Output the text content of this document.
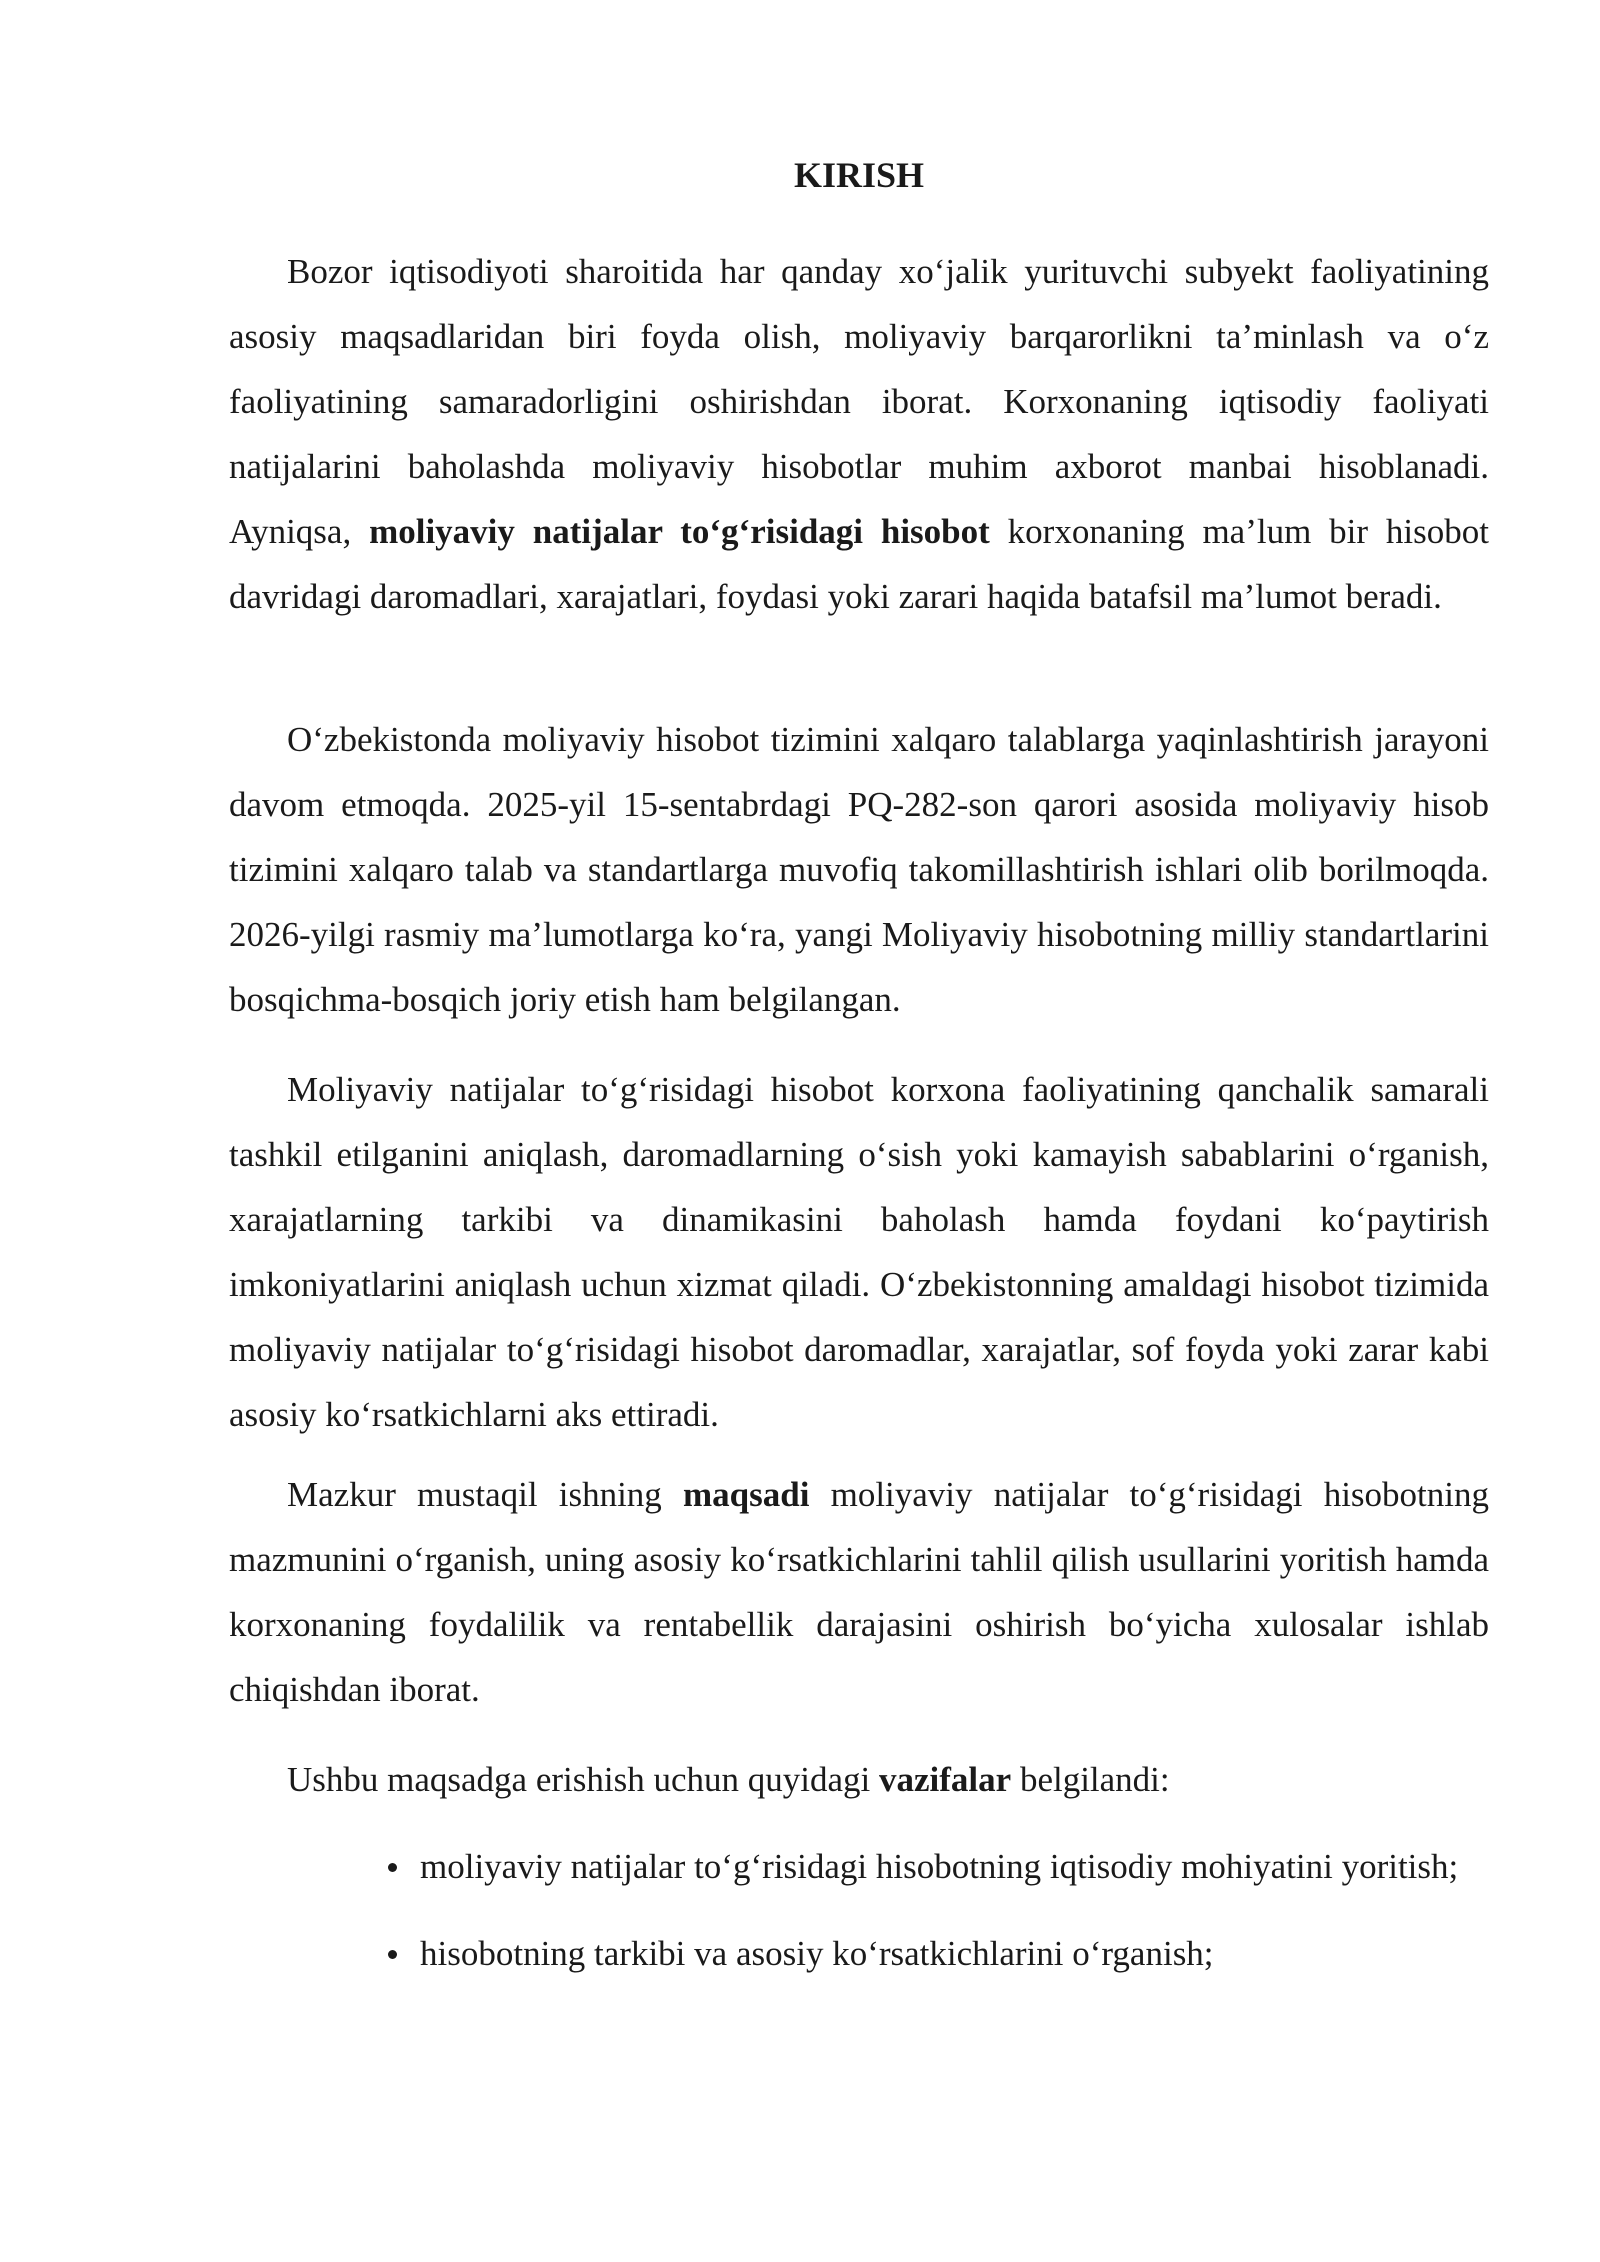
KIRISH

Bozor iqtisodiyoti sharoitida har qanday xo‘jalik yurituvchi subyekt faoliyatining asosiy maqsadlaridan biri foyda olish, moliyaviy barqarorlikni ta’minlash va o‘z faoliyatining samaradorligini oshirishdan iborat. Korxonaning iqtisodiy faoliyati natijalarini baholashda moliyaviy hisobotlar muhim axborot manbai hisoblanadi. Ayniqsa, moliyaviy natijalar to‘g‘risidagi hisobot korxonaning ma’lum bir hisobot davridagi daromadlari, xarajatlari, foydasi yoki zarari haqida batafsil ma’lumot beradi.

O‘zbekistonda moliyaviy hisobot tizimini xalqaro talablarga yaqinlashtirish jarayoni davom etmoqda. 2025-yil 15-sentabrdagi PQ-282-son qarori asosida moliyaviy hisob tizimini xalqaro talab va standartlarga muvofiq takomillashtirish ishlari olib borilmoqda. 2026-yilgi rasmiy ma’lumotlarga ko‘ra, yangi Moliyaviy hisobotning milliy standartlarini bosqichma-bosqich joriy etish ham belgilangan.

Moliyaviy natijalar to‘g‘risidagi hisobot korxona faoliyatining qanchalik samarali tashkil etilganini aniqlash, daromadlarning o‘sish yoki kamayish sabablarini o‘rganish, xarajatlarning tarkibi va dinamikasini baholash hamda foydani ko‘paytirish imkoniyatlarini aniqlash uchun xizmat qiladi. O‘zbekistonning amaldagi hisobot tizimida moliyaviy natijalar to‘g‘risidagi hisobot daromadlar, xarajatlar, sof foyda yoki zarar kabi asosiy ko‘rsatkichlarni aks ettiradi.

Mazkur mustaqil ishning maqsadi moliyaviy natijalar to‘g‘risidagi hisobotning mazmunini o‘rganish, uning asosiy ko‘rsatkichlarini tahlil qilish usullarini yoritish hamda korxonaning foydalilik va rentabellik darajasini oshirish bo‘yicha xulosalar ishlab chiqishdan iborat.

Ushbu maqsadga erishish uchun quyidagi vazifalar belgilandi:

moliyaviy natijalar to‘g‘risidagi hisobotning iqtisodiy mohiyatini yoritish;
hisobotning tarkibi va asosiy ko‘rsatkichlarini o‘rganish;
